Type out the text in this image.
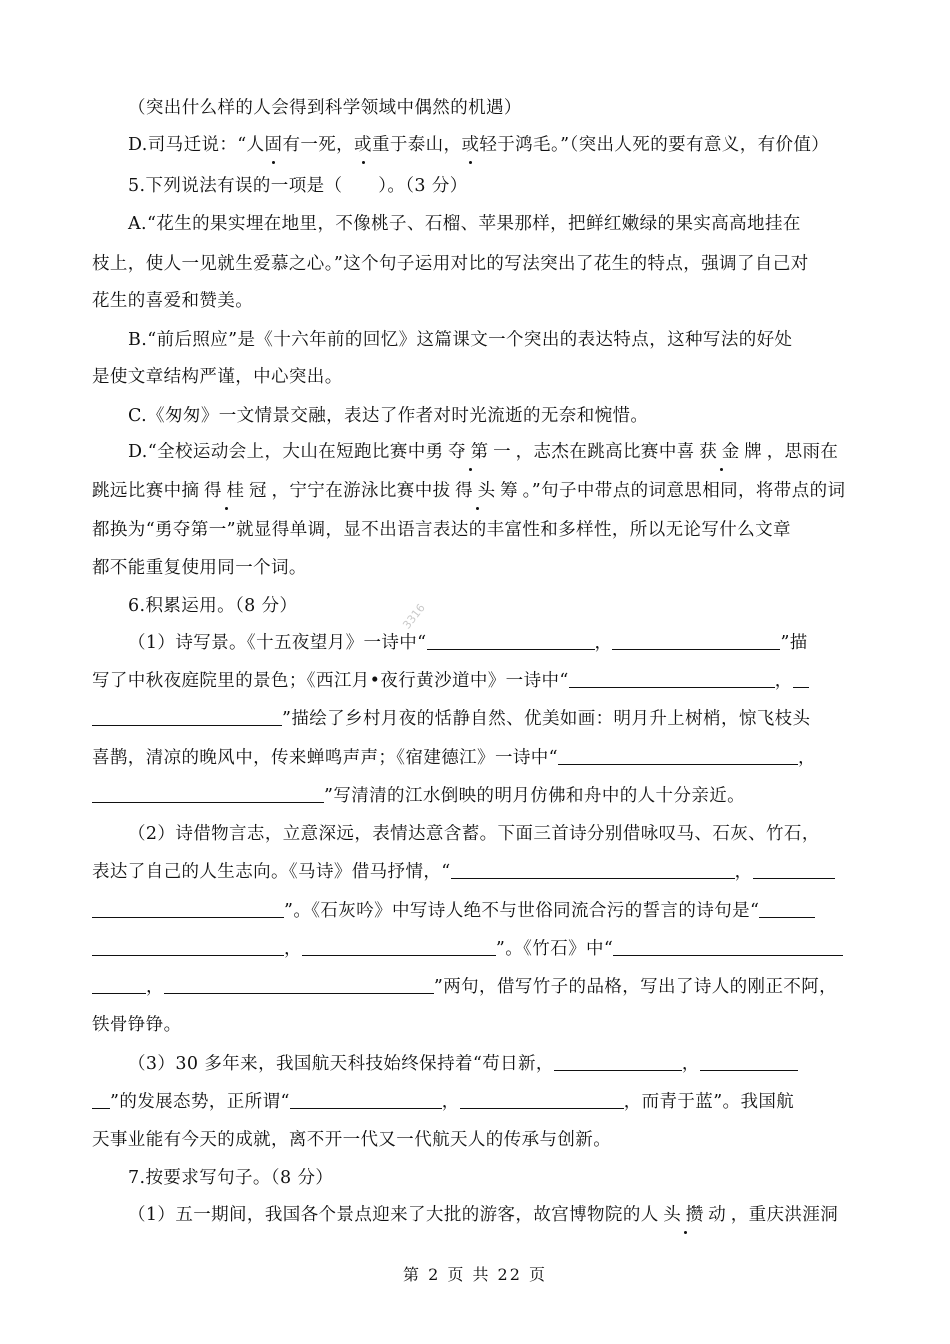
（突出什么样的人会得到科学领域中偶然的机遇）
D.司马迁说：“人固有一死，或重于泰山，或轻于鸿毛。”（突出人死的要有意义，有价值）
5.下列说法有误的一项是（　　）。（3 分）
A.“花生的果实埋在地里，不像桃子、石榴、苹果那样，把鲜红嫩绿的果实高高地挂在
枝上，使人一见就生爱慕之心。”这个句子运用对比的写法突出了花生的特点，强调了自己对
花生的喜爱和赞美。
B.“前后照应”是《十六年前的回忆》这篇课文一个突出的表达特点，这种写法的好处
是使文章结构严谨，中心突出。
C.《匆匆》一文情景交融，表达了作者对时光流逝的无奈和惋惜。
D.“全校运动会上，大山在短跑比赛中勇夺第一，志杰在跳高比赛中喜获金牌，思雨在
跳远比赛中摘得桂冠，宁宁在游泳比赛中拔得头筹。”句子中带点的词意思相同，将带点的词
都换为“勇夺第一”就显得单调，显不出语言表达的丰富性和多样性，所以无论写什么文章
都不能重复使用同一个词。
6.积累运用。（8 分）
（1）诗写景。《十五夜望月》一诗中“	，	”描
写了中秋夜庭院里的景色；《西江月•夜行黄沙道中》一诗中“	，
”描绘了乡村月夜的恬静自然、优美如画：明月升上树梢，惊飞枝头
喜鹊，清凉的晚风中，传来蝉鸣声声；《宿建德江》一诗中“	，
”写清清的江水倒映的明月仿佛和舟中的人十分亲近。
（2）诗借物言志，立意深远，表情达意含蓄。下面三首诗分别借咏叹马、石灰、竹石，
表达了自己的人生志向。《马诗》借马抒情，“	，
”。《石灰吟》中写诗人绝不与世俗同流合污的誓言的诗句是“
，	”。《竹石》中“
，	”两句，借写竹子的品格，写出了诗人的刚正不阿，
铁骨铮铮。
（3）30 多年来，我国航天科技始终保持着“苟日新，	，
”的发展态势，正所谓“	，	，而青于蓝”。我国航
天事业能有今天的成就，离不开一代又一代航天人的传承与创新。
7.按要求写句子。（8 分）
（1）五一期间，我国各个景点迎来了大批的游客，故宫博物院的人头攒动，重庆洪涯洞
第 2 页 共 22 页
3316
